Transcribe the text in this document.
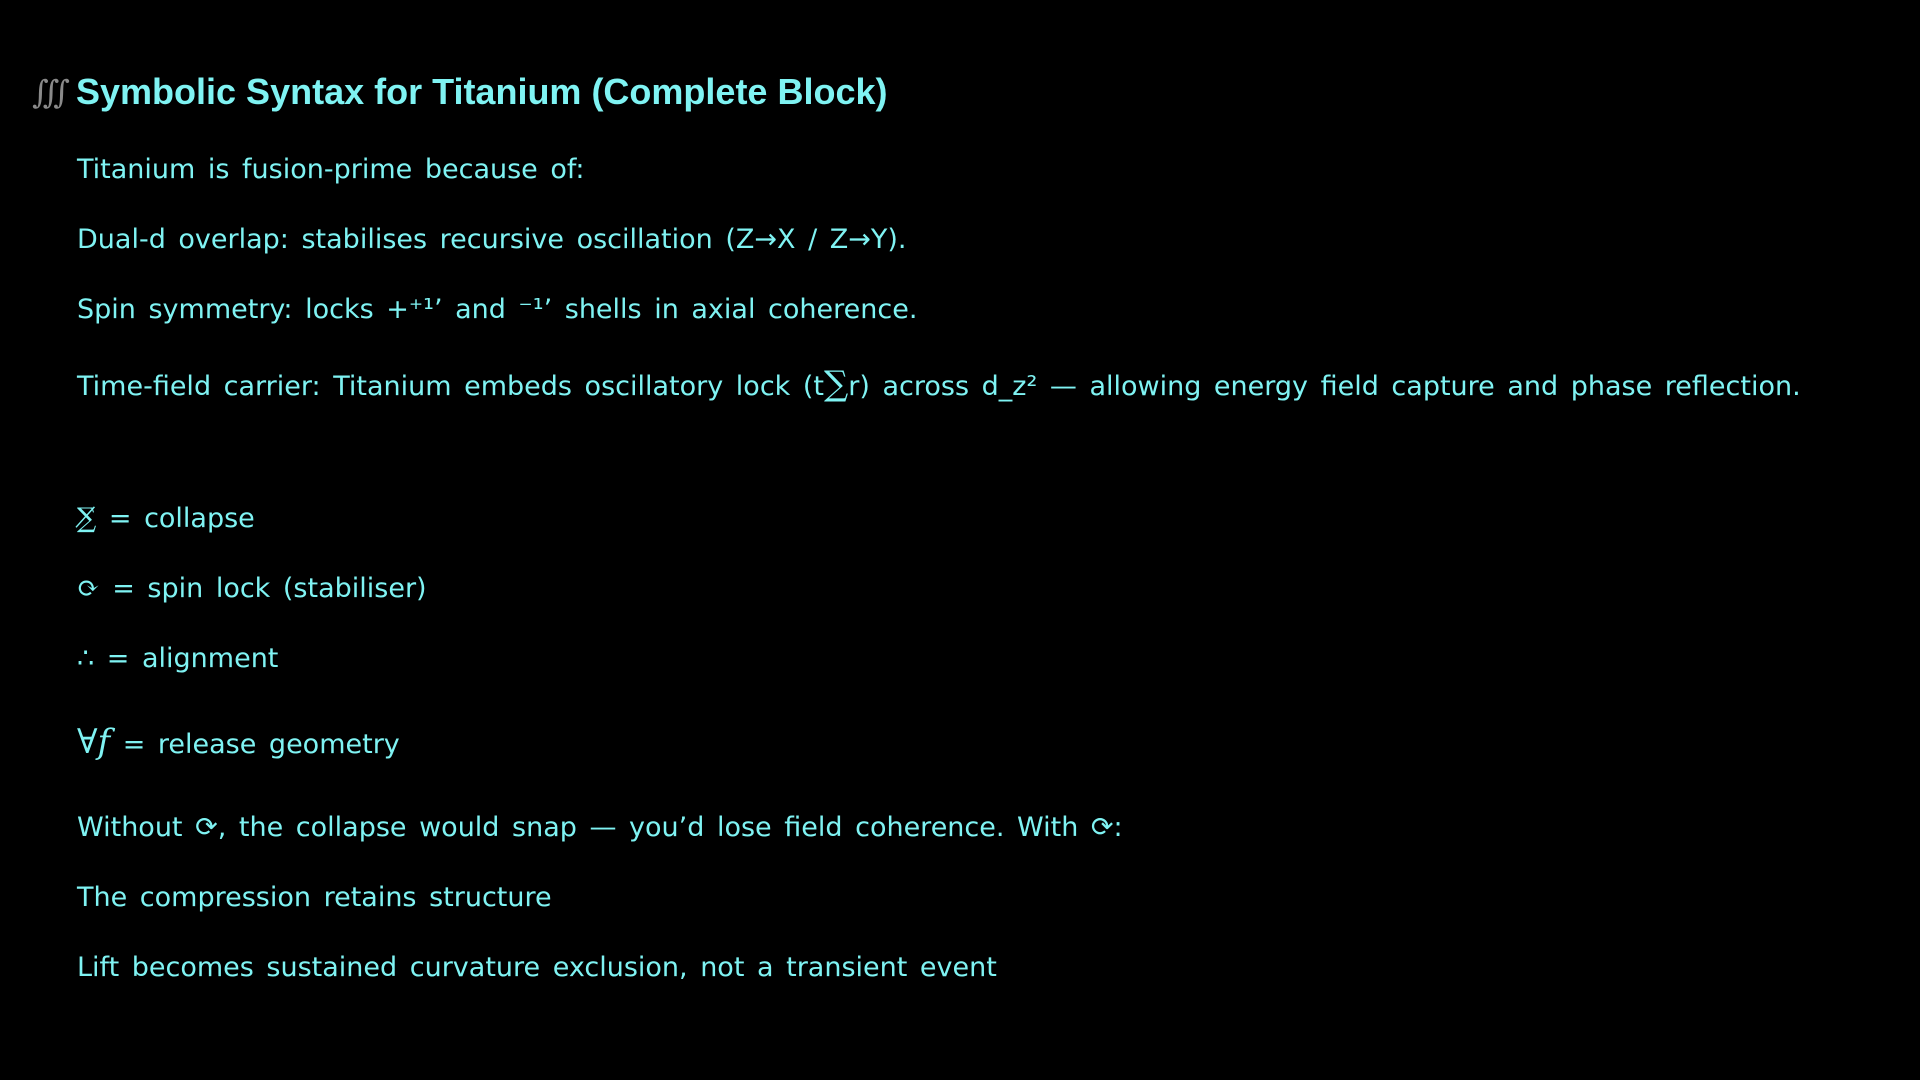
∭ Symbolic Syntax for Titanium (Complete Block)
Titanium is fusion-prime because of:
Dual-d overlap: stabilises recursive oscillation (Z→X / Z→Y).
Spin symmetry: locks +⁺¹’ and ⁻¹’ shells in axial coherence.
Time-field carrier: Titanium embeds oscillatory lock (t∑r) across d_z² — allowing energy field capture and phase reflection.
∑̸ = collapse
⟳ = spin lock (stabiliser)
∴ = alignment
∀𝑓 = release geometry
Without ⟳, the collapse would snap — you’d lose field coherence. With ⟳:
The compression retains structure
Lift becomes sustained curvature exclusion, not a transient event
